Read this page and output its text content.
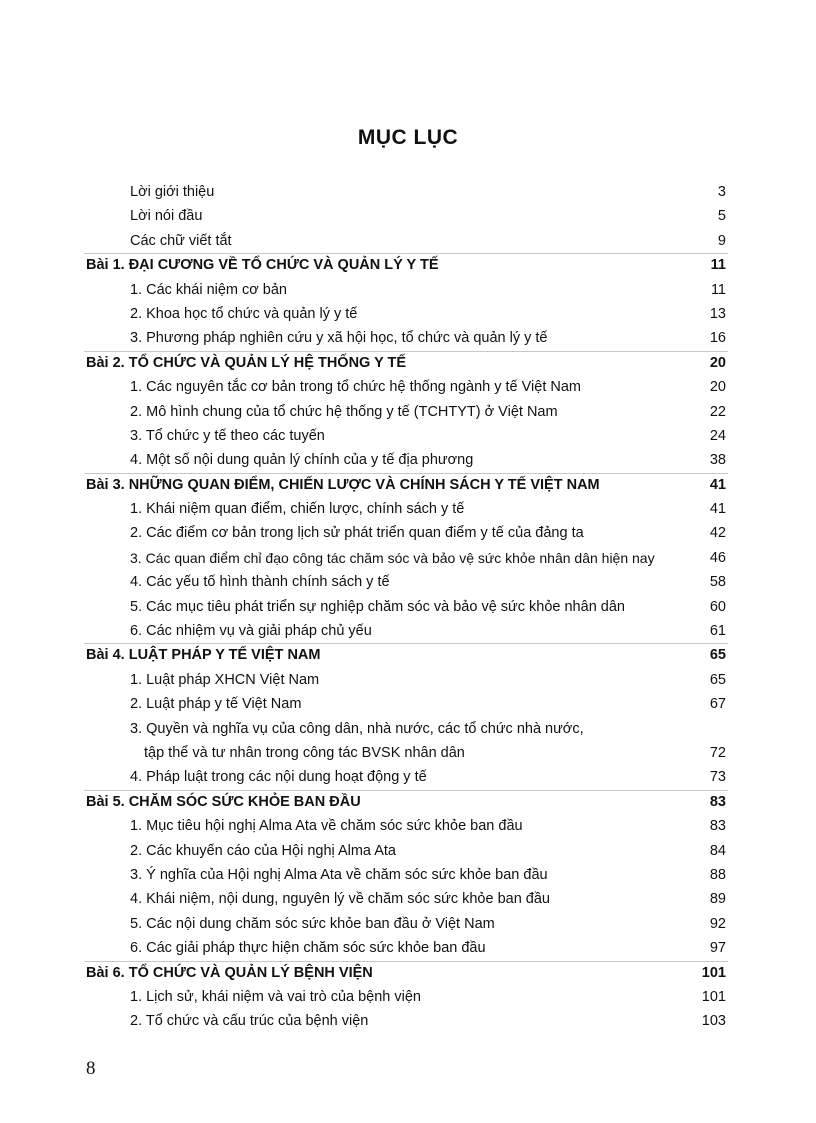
MỤC LỤC
Lời giới thiệu	3
Lời nói đầu	5
Các chữ viết tắt	9
Bài 1. ĐẠI CƯƠNG VỀ TỔ CHỨC VÀ QUẢN LÝ Y TẾ	11
1. Các khái niệm cơ bản	11
2. Khoa học tổ chức và quản lý y tế	13
3. Phương pháp nghiên cứu y xã hội học, tổ chức và quản lý y tế	16
Bài 2. TỔ CHỨC VÀ QUẢN LÝ HỆ THỐNG Y TẾ	20
1. Các nguyên tắc cơ bản trong tổ chức hệ thống ngành y tế Việt Nam	20
2. Mô hình chung của tổ chức hệ thống y tế (TCHTYT) ở Việt Nam	22
3. Tổ chức y tế theo các tuyến	24
4. Một số nội dung quản lý chính của y tế địa phương	38
Bài 3. NHỮNG QUAN ĐIỂM, CHIẾN LƯỢC VÀ CHÍNH SÁCH Y TẾ VIỆT NAM	41
1. Khái niệm quan điểm, chiến lược, chính sách y tế	41
2. Các điểm cơ bản trong lịch sử phát triển quan điểm y tế của đảng ta	42
3. Các quan điểm chỉ đạo công tác chăm sóc và bảo vệ sức khỏe nhân dân hiện nay	46
4. Các yếu tố hình thành chính sách y tế	58
5. Các mục tiêu phát triển sự nghiệp chăm sóc và bảo vệ sức khỏe nhân dân	60
6. Các nhiệm vụ và giải pháp chủ yếu	61
Bài 4. LUẬT PHÁP Y TẾ VIỆT NAM	65
1. Luật pháp XHCN Việt Nam	65
2. Luật pháp y tế Việt Nam	67
3. Quyền và nghĩa vụ của công dân, nhà nước, các tổ chức nhà nước,
tập thể và tư nhân trong công tác BVSK nhân dân	72
4. Pháp luật trong các nội dung hoạt động y tế	73
Bài 5. CHĂM SÓC SỨC KHỎE BAN ĐẦU	83
1. Mục tiêu hội nghị Alma Ata về chăm sóc sức khỏe ban đầu	83
2. Các khuyến cáo của Hội nghị Alma Ata	84
3. Ý nghĩa của Hội nghị Alma Ata về chăm sóc sức khỏe ban đầu	88
4. Khái niệm, nội dung, nguyên lý về chăm sóc sức khỏe ban đầu	89
5. Các nội dung chăm sóc sức khỏe ban đầu ở Việt Nam	92
6. Các giải pháp thực hiện chăm sóc sức khỏe ban đầu	97
Bài 6. TỔ CHỨC VÀ QUẢN LÝ BỆNH VIỆN	101
1. Lịch sử, khái niệm và vai trò của bệnh viện	101
2. Tổ chức và cấu trúc của bệnh viện	103
8
